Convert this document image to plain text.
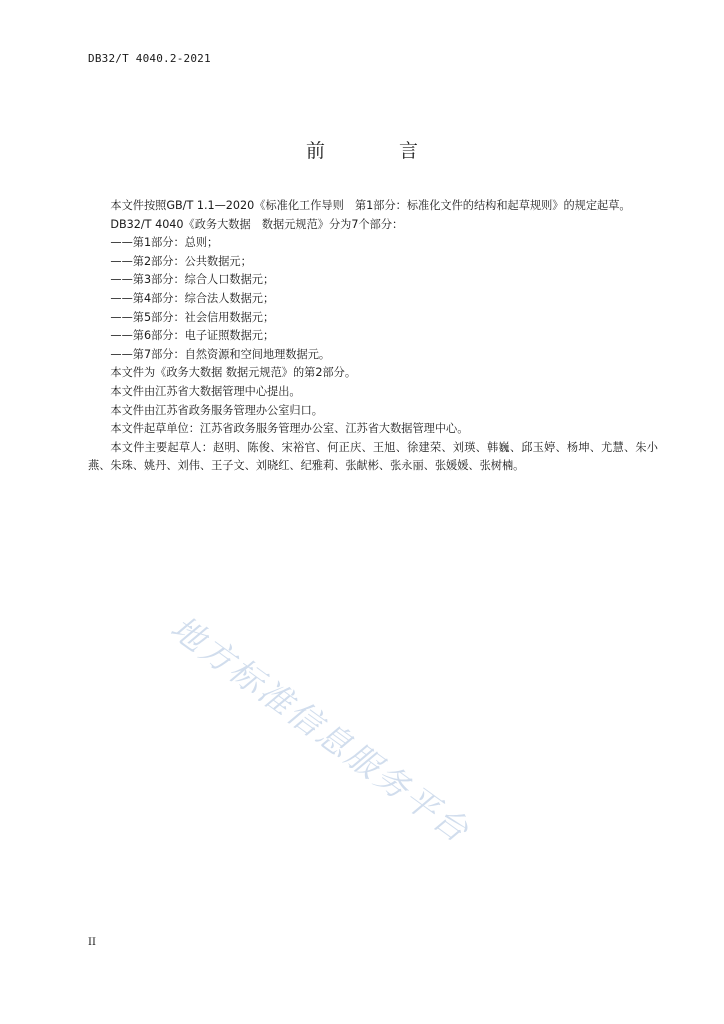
DB32/T 4040.2-2021
前 言

本文件按照GB/T 1.1—2020《标准化工作导则　第1部分：标准化文件的结构和起草规则》的规定起草。

DB32/T 4040《政务大数据　数据元规范》分为7个部分：

——第1部分：总则；

——第2部分：公共数据元；

——第3部分：综合人口数据元；

——第4部分：综合法人数据元；

——第5部分：社会信用数据元；

——第6部分：电子证照数据元；

——第7部分：自然资源和空间地理数据元。

本文件为《政务大数据 数据元规范》的第2部分。

本文件由江苏省大数据管理中心提出。

本文件由江苏省政务服务管理办公室归口。

本文件起草单位：江苏省政务服务管理办公室、江苏省大数据管理中心。

本文件主要起草人：赵明、陈俊、宋裕官、何正庆、王旭、徐建荣、刘瑛、韩巍、邱玉婷、杨坤、尤慧、朱小燕、朱珠、姚丹、刘伟、王子文、刘晓红、纪雅莉、张献彬、张永丽、张媛媛、张树楠。

地方标准信息服务平台
II
